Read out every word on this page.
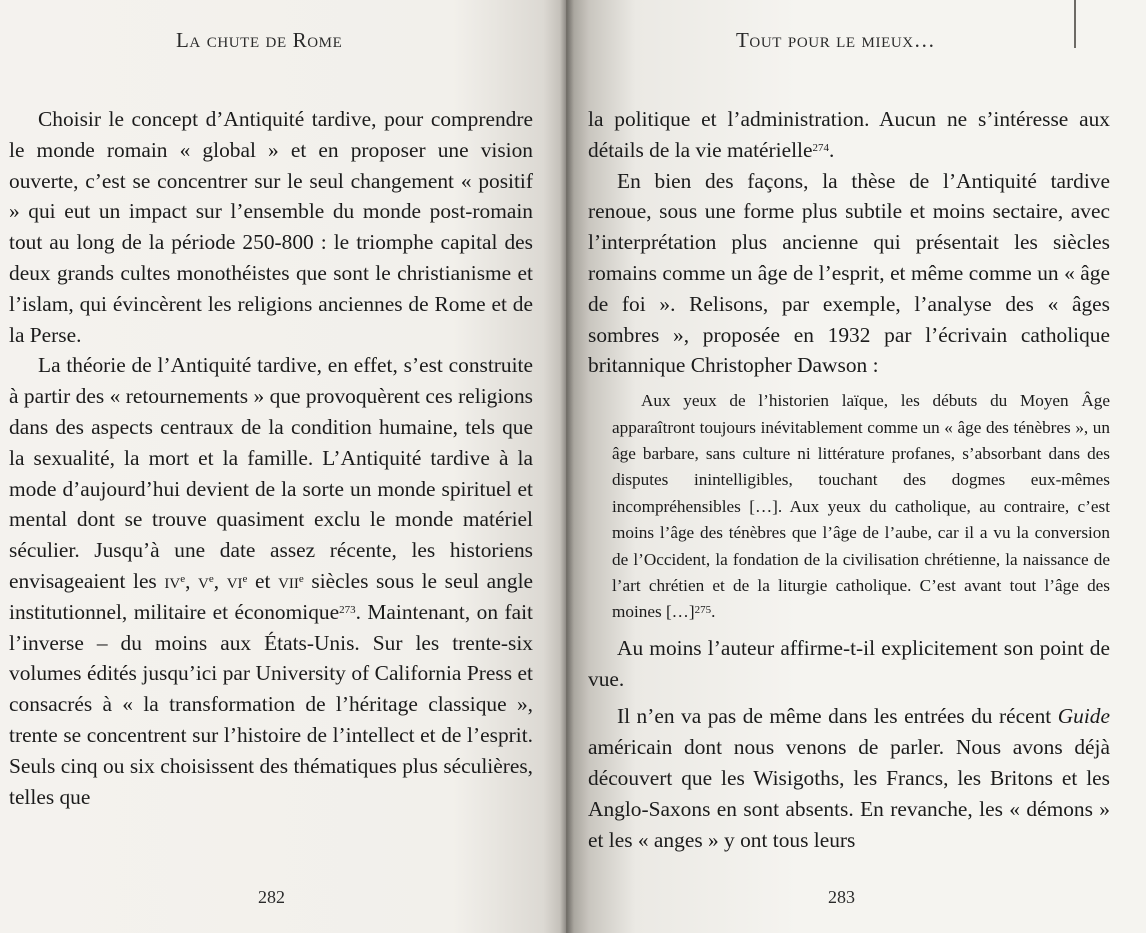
La chute de Rome

Choisir le concept d’Antiquité tardive, pour comprendre le monde romain « global » et en proposer une vision ouverte, c’est se concentrer sur le seul changement « positif » qui eut un impact sur l’ensemble du monde post-romain tout au long de la période 250-800 : le triomphe capital des deux grands cultes monothéistes que sont le christianisme et l’islam, qui évincèrent les religions anciennes de Rome et de la Perse.

La théorie de l’Antiquité tardive, en effet, s’est construite à partir des « retournements » que provoquèrent ces religions dans des aspects centraux de la condition humaine, tels que la sexualité, la mort et la famille. L’Antiquité tardive à la mode d’aujourd’hui devient de la sorte un monde spirituel et mental dont se trouve quasiment exclu le monde matériel séculier. Jusqu’à une date assez récente, les historiens envisageaient les $iv^e$, $v^e$, $vi^e$ et vii$^e$ siècles sous le seul angle institutionnel, militaire et économique$^{273}$. Maintenant, on fait l’inverse – du moins aux États-Unis. Sur les trente-six volumes édités jusqu’ici par University of California Press et consacrés à « la transformation de l’héritage classique », trente se concentrent sur l’histoire de l’intellect et de l’esprit. Seuls cinq ou six choisissent des thématiques plus séculières, telles que

282
Tout pour le mieux…

la politique et l’administration. Aucun ne s’intéresse aux détails de la vie matérielle$^{274}$.

En bien des façons, la thèse de l’Antiquité tardive renoue, sous une forme plus subtile et moins sectaire, avec l’interprétation plus ancienne qui présentait les siècles romains comme un âge de l’esprit, et même comme un « âge de foi ». Relisons, par exemple, l’analyse des « âges sombres », proposée en 1932 par l’écrivain catholique britannique Christopher Dawson :

Aux yeux de l’historien laïque, les débuts du Moyen Âge apparaîtront toujours inévitablement comme un « âge des ténèbres », un âge barbare, sans culture ni littérature profanes, s’absorbant dans des disputes inintelligibles, touchant des dogmes eux-mêmes incompréhensibles […]. Aux yeux du catholique, au contraire, c’est moins l’âge des ténèbres que l’âge de l’aube, car il a vu la conversion de l’Occident, la fondation de la civilisation chrétienne, la naissance de l’art chrétien et de la liturgie catholique. C’est avant tout l’âge des moines […]$^{275}$.

Au moins l’auteur affirme-t-il explicitement son point de vue.

Il n’en va pas de même dans les entrées du récent Guide américain dont nous venons de parler. Nous avons déjà découvert que les Wisigoths, les Francs, les Britons et les Anglo-Saxons en sont absents. En revanche, les « démons » et les « anges » y ont tous leurs

283
